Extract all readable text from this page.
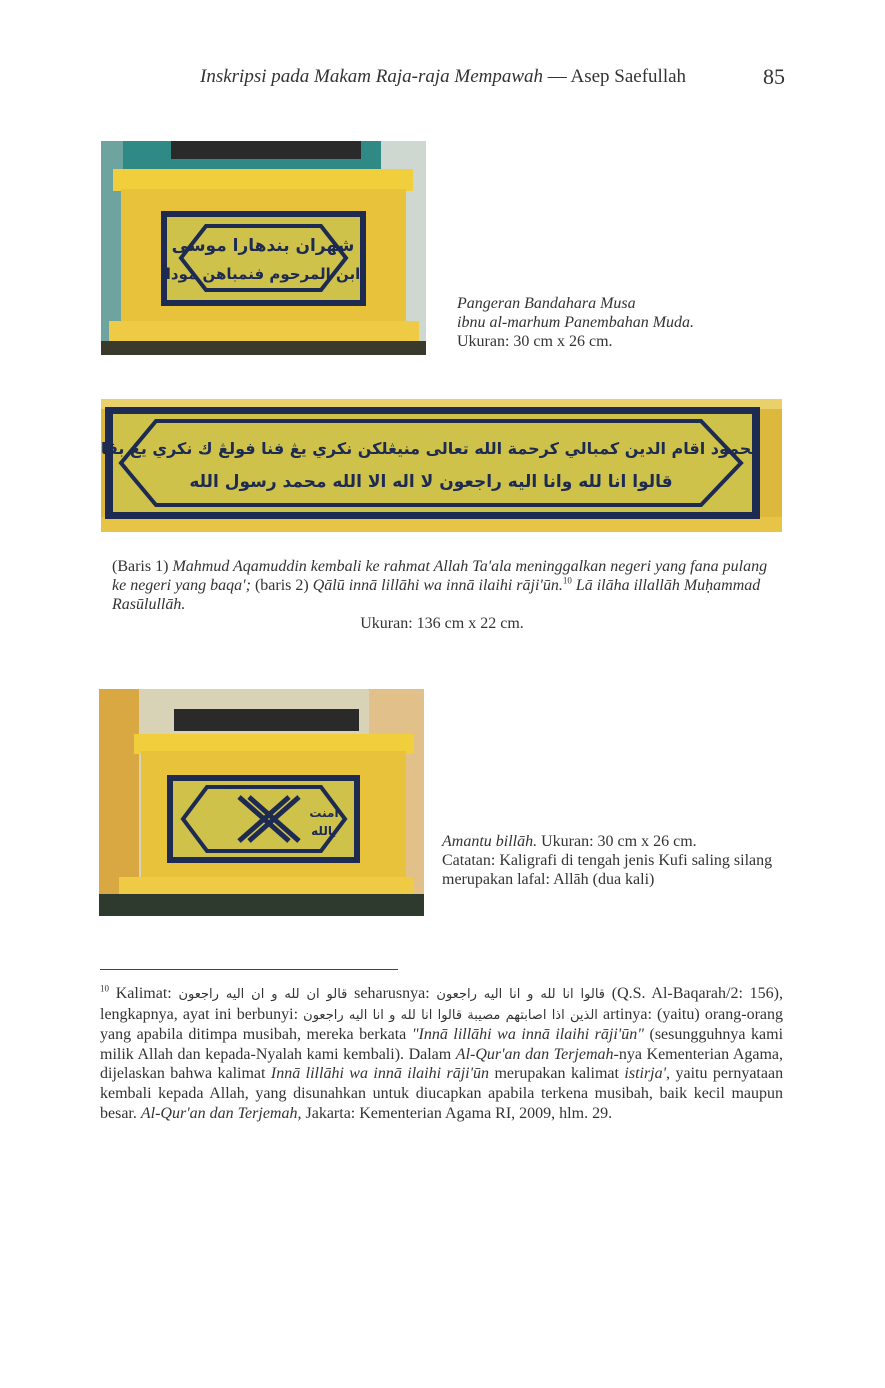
Inskripsi pada Makam Raja-raja Mempawah — Asep Saefullah	85
شهران بندهارا موسى
ابن المرحوم فنمباهن مودا
Pangeran Bandahara Musa
ibnu al-marhum Panembahan Muda.
Ukuran: 30 cm x 26 cm.
محمود اقام الدين كمبالي كرحمة الله تعالى منيڠلكن نكري يڠ فنا فولڠ ك نكري يڠ بقا
قالوا انا لله وانا اليه راجعون لا اله الا الله محمد رسول الله
(Baris 1) Mahmud Aqamuddin kembali ke rahmat Allah Ta'ala meninggalkan negeri yang fana pulang ke negeri yang baqa'; (baris 2) Qālū innā lillāhi wa innā ilaihi rāji'ūn.$^{10}$ Lā ilāha illallāh Muḥammad Rasūlullāh.
Ukuran: 136 cm x 22 cm.
امنت
بالله
Amantu billāh. Ukuran: 30 cm x 26 cm.
Catatan: Kaligrafi di tengah jenis Kufi saling silang merupakan lafal: Allāh (dua kali)

$^{10}$ Kalimat: قالو ان لله و ان اليه راجعون seharusnya: قالوا انا لله و انا اليه راجعون (Q.S. Al-Baqarah/2: 156), lengkapnya, ayat ini berbunyi: الذين اذا اصابتهم مصيبة قالوا انا لله و انا اليه راجعون artinya: (yaitu) orang-orang yang apabila ditimpa musibah, mereka berkata "Innā lillāhi wa innā ilaihi rāji'ūn" (sesungguhnya kami milik Allah dan kepada-Nyalah kami kembali). Dalam Al-Qur'an dan Terjemah-nya Kementerian Agama, dijelaskan bahwa kalimat Innā lillāhi wa innā ilaihi rāji'ūn merupakan kalimat istirja', yaitu pernyataan kembali kepada Allah, yang disunahkan untuk diucapkan apabila terkena musibah, baik kecil maupun besar. Al-Qur'an dan Terjemah, Jakarta: Kementerian Agama RI, 2009, hlm. 29.
